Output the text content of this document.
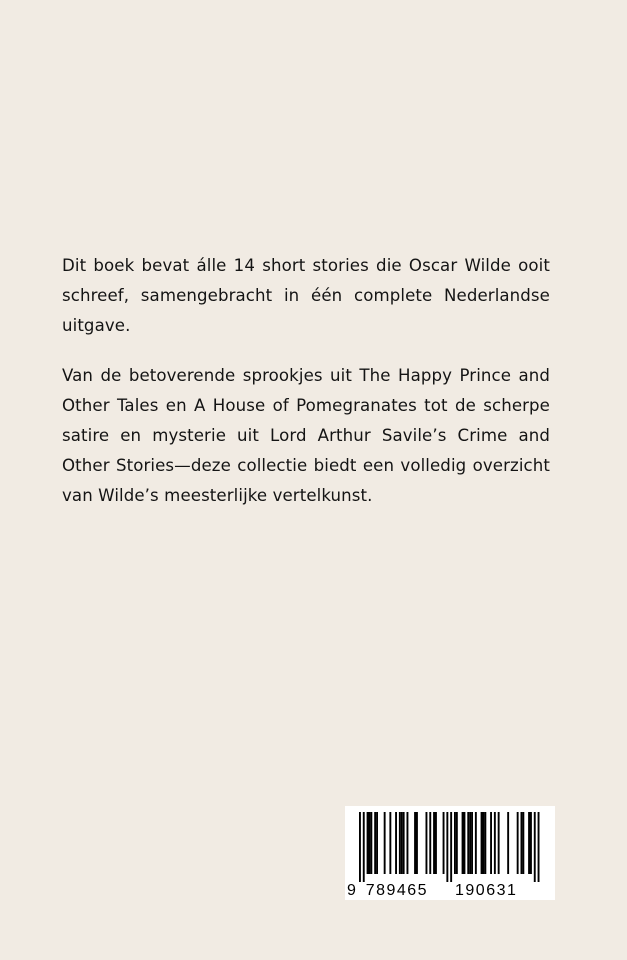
Dit boek bevat álle 14 short stories die Oscar Wilde ooit schreef, samengebracht in één complete Nederlandse uitgave.

Van de betoverende sprookjes uit The Happy Prince and Other Tales en A House of Pomegranates tot de scherpe satire en mysterie uit Lord Arthur Savile’s Crime and Other Stories—deze collectie biedt een volledig overzicht van Wilde’s meesterlijke vertelkunst.

9 789465 190631
